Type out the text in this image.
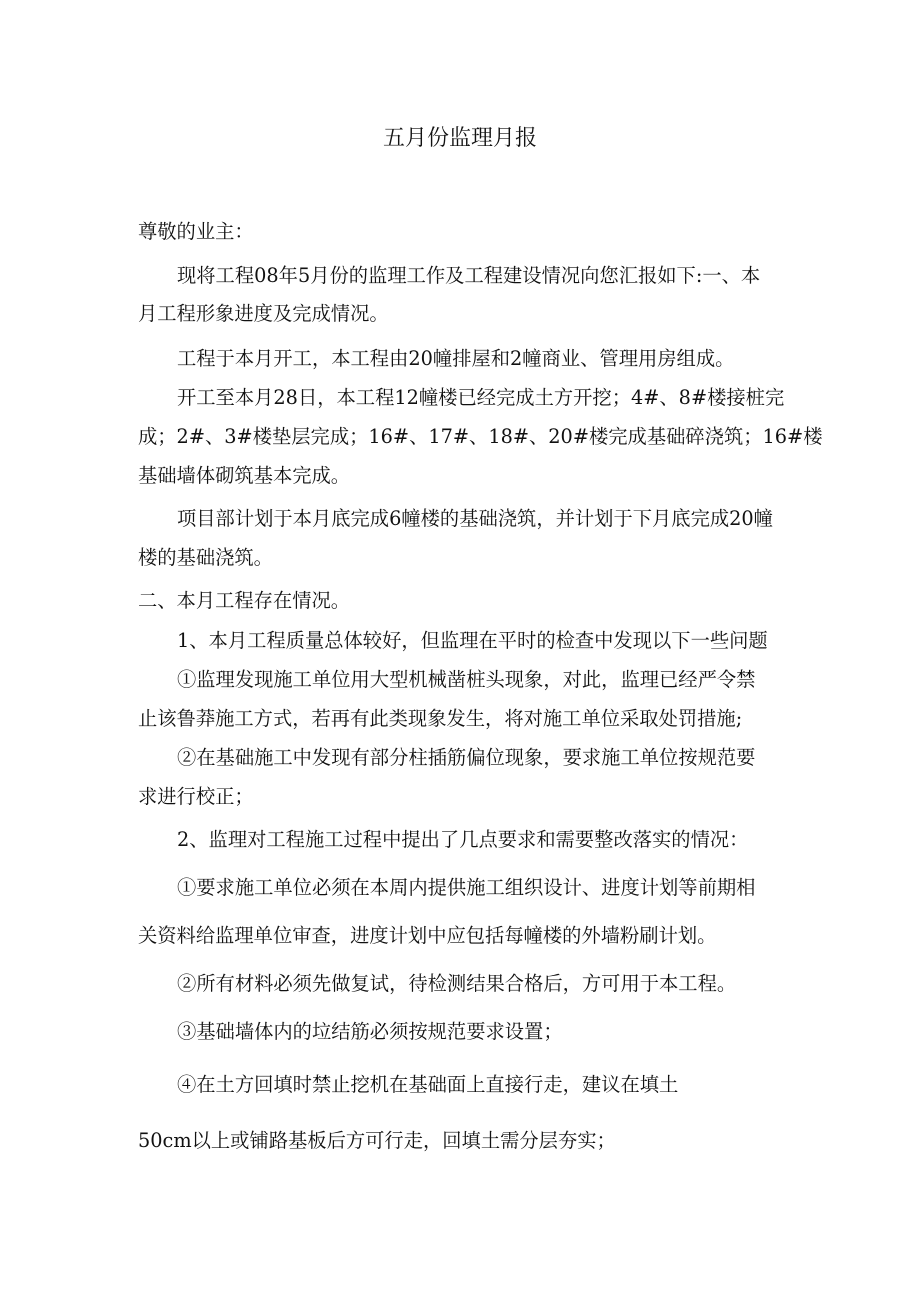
五月份监理月报
尊敬的业主：
现将工程08年5月份的监理工作及工程建设情况向您汇报如下:一、本
月工程形象进度及完成情况。
工程于本月开工，本工程由20幢排屋和2幢商业、管理用房组成。
开工至本月28日，本工程12幢楼已经完成土方开挖；4#、8#楼接桩完
成；2#、3#楼垫层完成；16#、17#、18#、20#楼完成基础碎浇筑；16#楼
基础墙体砌筑基本完成。
项目部计划于本月底完成6幢楼的基础浇筑，并计划于下月底完成20幢
楼的基础浇筑。
二、本月工程存在情况。
1、本月工程质量总体较好，但监理在平时的检查中发现以下一些问题
①监理发现施工单位用大型机械凿桩头现象，对此，监理已经严令禁
止该鲁莽施工方式，若再有此类现象发生，将对施工单位采取处罚措施;
②在基础施工中发现有部分柱插筋偏位现象，要求施工单位按规范要
求进行校正；
2、监理对工程施工过程中提出了几点要求和需要整改落实的情况：
①要求施工单位必须在本周内提供施工组织设计、进度计划等前期相
关资料给监理单位审查，进度计划中应包括每幢楼的外墙粉刷计划。
②所有材料必须先做复试，待检测结果合格后，方可用于本工程。
③基础墙体内的垃结筋必须按规范要求设置；
④在土方回填时禁止挖机在基础面上直接行走，建议在填土
50cm以上或铺路基板后方可行走，回填土需分层夯实；
